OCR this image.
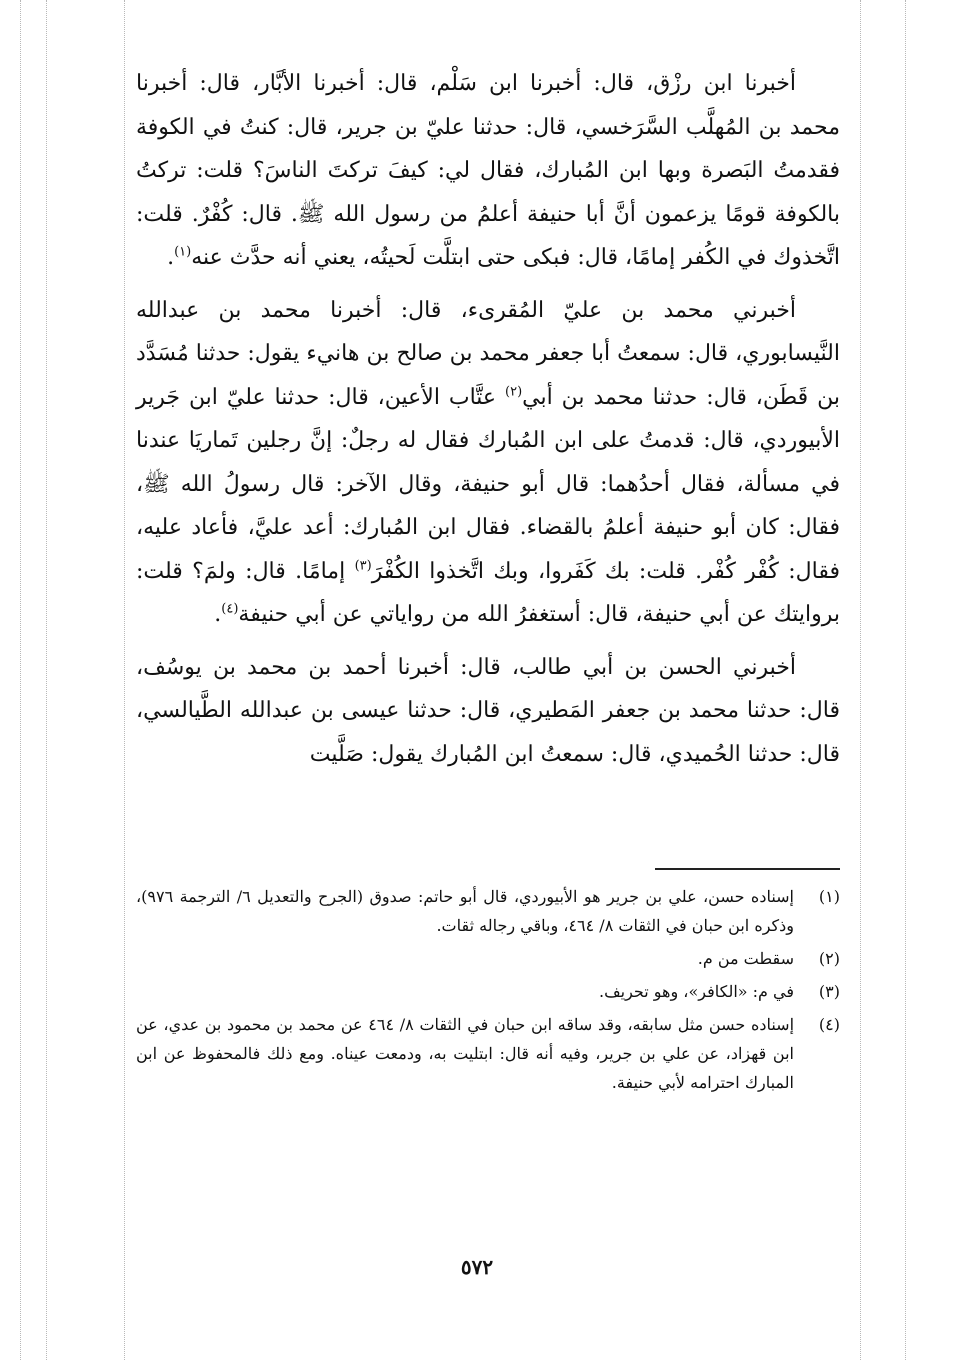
أخبرنا ابن رزْق، قال: أخبرنا ابن سَلْم، قال: أخبرنا الأبَّار، قال: أخبرنا محمد بن المُهلَّب السَّرَخسي، قال: حدثنا عليّ بن جرير، قال: كنتُ في الكوفة فقدمتُ البَصرة وبها ابن المُبارك، فقال لي: كيفَ تركتَ الناسَ؟ قلت: تركتُ بالكوفة قومًا يزعمون أنَّ أبا حنيفة أعلمُ من رسول الله ﷺ. قال: كُفْرٌ. قلت: اتَّخذوك في الكُفر إمامًا، قال: فبكى حتى ابتلَّت لَحيتُه، يعني أنه حدَّث عنه$^{(١)}$.

أخبرني محمد بن عليّ المُقرىء، قال: أخبرنا محمد بن عبدالله النَّيسابوري، قال: سمعتُ أبا جعفر محمد بن صالح بن هانيء يقول: حدثنا مُسَدَّد بن قَطَن، قال: حدثنا محمد بن أبي$^{(٢)}$ عتَّاب الأعين، قال: حدثنا عليّ ابن جَرير الأبيوردي، قال: قدمتُ على ابن المُبارك فقال له رجلٌ: إنَّ رجلين تَماريَا عندنا في مسألة، فقال أحدُهما: قال أبو حنيفة، وقال الآخر: قال رسولُ الله ﷺ، فقال: كان أبو حنيفة أعلمُ بالقضاء. فقال ابن المُبارك: أعد عليَّ، فأعاد عليه، فقال: كُفْر كُفْر. قلت: بك كَفَروا، وبك اتَّخذوا الكُفْرَ$^{(٣)}$ إمامًا. قال: ولمَ؟ قلت: بروايتك عن أبي حنيفة، قال: أستغفرُ الله من رواياتي عن أبي حنيفة$^{(٤)}$.

أخبرني الحسن بن أبي طالب، قال: أخبرنا أحمد بن محمد بن يوسُف، قال: حدثنا محمد بن جعفر المَطيري، قال: حدثنا عيسى بن عبدالله الطَّيالسي، قال: حدثنا الحُميدي، قال: سمعتُ ابن المُبارك يقول: صَلَّيت

(١)
إسناده حسن، علي بن جرير هو الأبيوردي، قال أبو حاتم: صدوق (الجرح والتعديل ٦/ الترجمة ٩٧٦)، وذكره ابن حبان في الثقات ٨/ ٤٦٤، وباقي رجاله ثقات.
(٢)
سقطت من م.
(٣)
في م: «الكافر»، وهو تحريف.
(٤)
إسناده حسن مثل سابقه، وقد ساقه ابن حبان في الثقات ٨/ ٤٦٤ عن محمد بن محمود بن عدي، عن ابن قهزاد، عن علي بن جرير، وفيه أنه قال: ابتليت به، ودمعت عيناه. ومع ذلك فالمحفوظ عن ابن المبارك احترامه لأبي حنيفة.
٥٧٢
